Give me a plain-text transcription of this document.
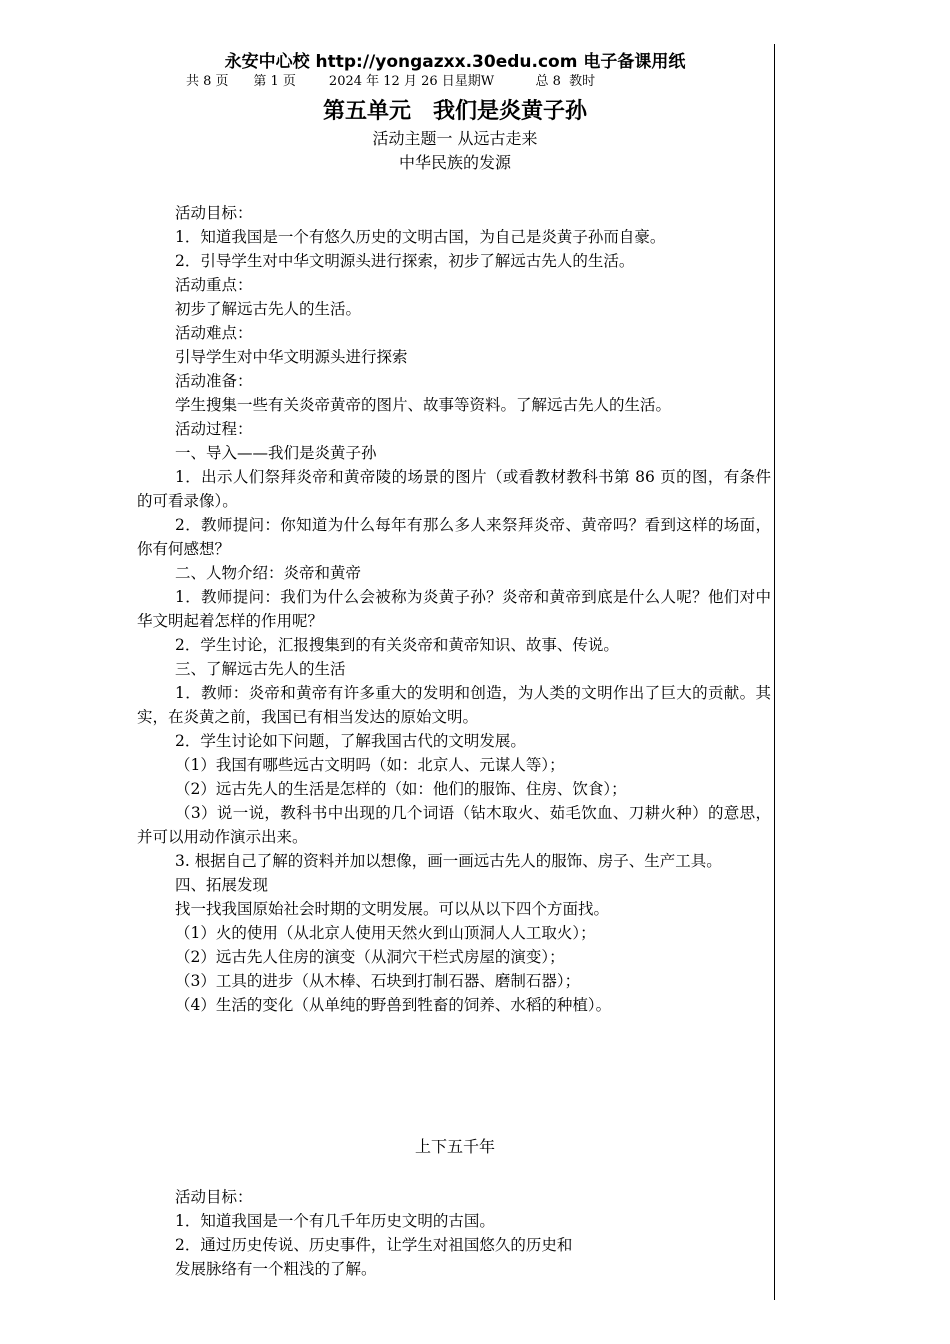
永安中心校 http://yongazxx.30edu.com 电子备课用纸
共 8 页      第 1 页        2024 年 12 月 26 日星期W          总 8  教时
第五单元　我们是炎黄子孙
活动主题一 从远古走来
中华民族的发源

活动目标：

1．知道我国是一个有悠久历史的文明古国，为自己是炎黄子孙而自豪。

2．引导学生对中华文明源头进行探索，初步了解远古先人的生活。

活动重点：

初步了解远古先人的生活。

活动难点：

引导学生对中华文明源头进行探索

活动准备：

学生搜集一些有关炎帝黄帝的图片、故事等资料。了解远古先人的生活。

活动过程：

一、导入——我们是炎黄子孙

1．出示人们祭拜炎帝和黄帝陵的场景的图片（或看教材教科书第 86 页的图，有条件的可看录像）。

2．教师提问：你知道为什么每年有那么多人来祭拜炎帝、黄帝吗？看到这样的场面，你有何感想？

二、人物介绍：炎帝和黄帝

1．教师提问：我们为什么会被称为炎黄子孙？炎帝和黄帝到底是什么人呢？他们对中华文明起着怎样的作用呢？

2．学生讨论，汇报搜集到的有关炎帝和黄帝知识、故事、传说。

三、了解远古先人的生活

1．教师：炎帝和黄帝有许多重大的发明和创造，为人类的文明作出了巨大的贡献。其实，在炎黄之前，我国已有相当发达的原始文明。

2．学生讨论如下问题，了解我国古代的文明发展。

（1）我国有哪些远古文明吗（如：北京人、元谋人等）；

（2）远古先人的生活是怎样的（如：他们的服饰、住房、饮食）；

（3）说一说，教科书中出现的几个词语（钻木取火、茹毛饮血、刀耕火种）的意思，并可以用动作演示出来。

3. 根据自己了解的资料并加以想像，画一画远古先人的服饰、房子、生产工具。

四、拓展发现

找一找我国原始社会时期的文明发展。可以从以下四个方面找。

（1）火的使用（从北京人使用天然火到山顶洞人人工取火）；

（2）远古先人住房的演变（从洞穴干栏式房屋的演变）；

（3）工具的进步（从木棒、石块到打制石器、磨制石器）；

（4）生活的变化（从单纯的野兽到牲畜的饲养、水稻的种植）。

上下五千年

活动目标：

1．知道我国是一个有几千年历史文明的古国。

2．通过历史传说、历史事件，让学生对祖国悠久的历史和

发展脉络有一个粗浅的了解。
